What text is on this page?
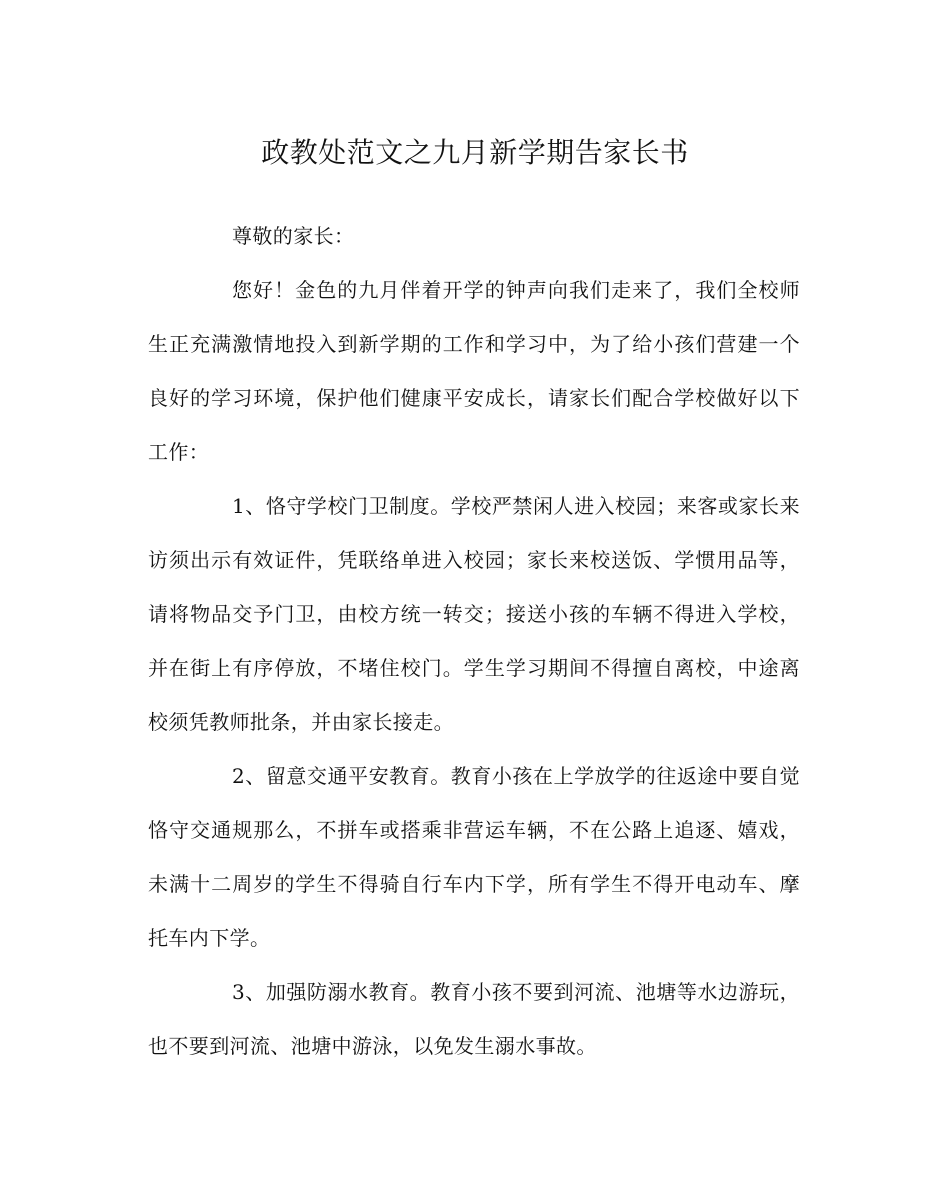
政教处范文之九月新学期告家长书

尊敬的家长：

您好！金色的九月伴着开学的钟声向我们走来了，我们全校师生正充满激情地投入到新学期的工作和学习中，为了给小孩们营建一个良好的学习环境，保护他们健康平安成长，请家长们配合学校做好以下工作：

1、恪守学校门卫制度。学校严禁闲人进入校园；来客或家长来访须出示有效证件，凭联络单进入校园；家长来校送饭、学惯用品等，请将物品交予门卫，由校方统一转交；接送小孩的车辆不得进入学校，并在街上有序停放，不堵住校门。学生学习期间不得擅自离校，中途离校须凭教师批条，并由家长接走。

2、留意交通平安教育。教育小孩在上学放学的往返途中要自觉恪守交通规那么，不拼车或搭乘非营运车辆，不在公路上追逐、嬉戏，未满十二周岁的学生不得骑自行车内下学，所有学生不得开电动车、摩托车内下学。

3、加强防溺水教育。教育小孩不要到河流、池塘等水边游玩，也不要到河流、池塘中游泳，以免发生溺水事故。
